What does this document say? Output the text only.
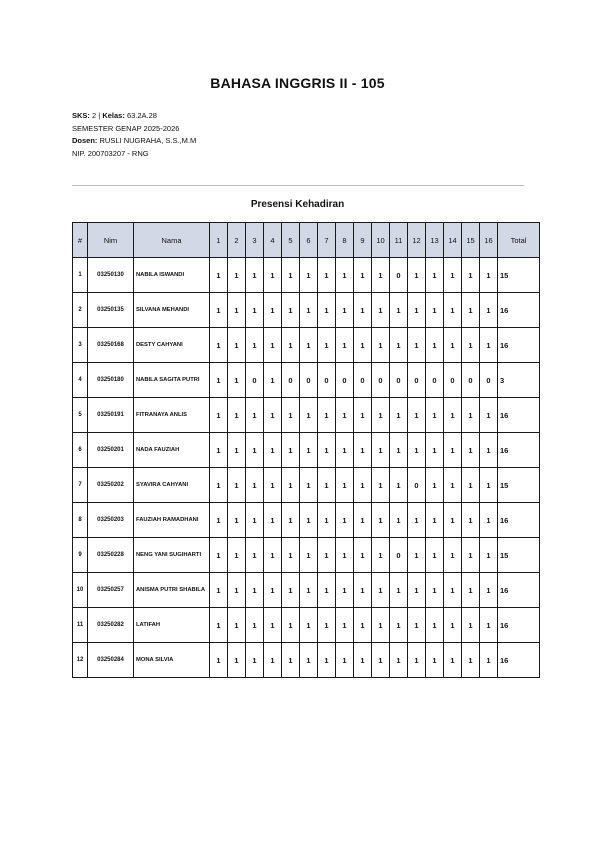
BAHASA INGGRIS II - 105
SKS: 2 | Kelas: 63.2A.28
SEMESTER GENAP 2025-2026
Dosen: RUSLI NUGRAHA, S.S.,M.M
NIP. 200703207 - RNG
Presensi Kehadiran
#	Nim	Nama	1	2	3	4	5	6	7	8	9	10	11	12	13	14	15	16	Total
1	03250130	NABILA ISWANDI	1	1	1	1	1	1	1	1	1	1	0	1	1	1	1	1	15
2	03250135	SILVANA MEHANDI	1	1	1	1	1	1	1	1	1	1	1	1	1	1	1	1	16
3	03250168	DESTY CAHYANI	1	1	1	1	1	1	1	1	1	1	1	1	1	1	1	1	16
4	03250180	NABILA SAGITA PUTRI	1	1	0	1	0	0	0	0	0	0	0	0	0	0	0	0	3
5	03250191	FITRANAYA ANLIS	1	1	1	1	1	1	1	1	1	1	1	1	1	1	1	1	16
6	03250201	NADA FAUZIAH	1	1	1	1	1	1	1	1	1	1	1	1	1	1	1	1	16
7	03250202	SYAVIRA CAHYANI	1	1	1	1	1	1	1	1	1	1	1	0	1	1	1	1	15
8	03250203	FAUZIAH RAMADHANI	1	1	1	1	1	1	1	1	1	1	1	1	1	1	1	1	16
9	03250228	NENG YANI SUGIHARTI	1	1	1	1	1	1	1	1	1	1	0	1	1	1	1	1	15
10	03250257	ANISMA PUTRI SHABILA	1	1	1	1	1	1	1	1	1	1	1	1	1	1	1	1	16
11	03250282	LATIFAH	1	1	1	1	1	1	1	1	1	1	1	1	1	1	1	1	16
12	03250284	MONA SILVIA	1	1	1	1	1	1	1	1	1	1	1	1	1	1	1	1	16
